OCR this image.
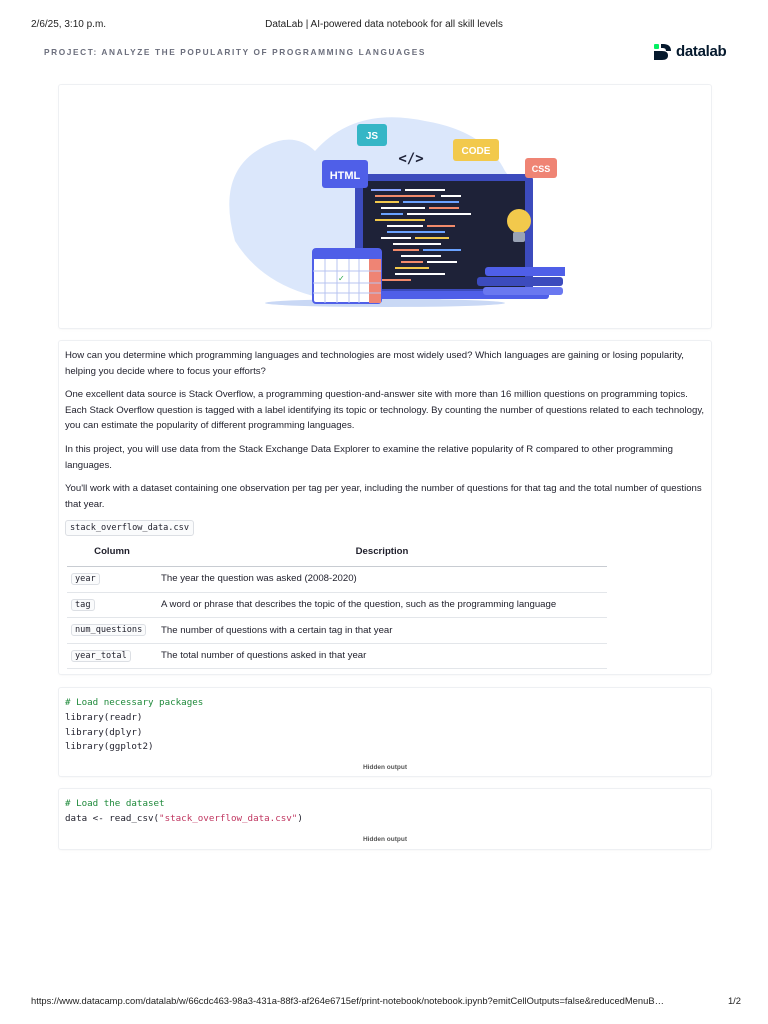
2/6/25, 3:10 p.m.	DataLab | AI-powered data notebook for all skill levels
PROJECT: ANALYZE THE POPULARITY OF PROGRAMMING LANGUAGES	datalab
✓
JS
CODE
CSS
HTML
</>

How can you determine which programming languages and technologies are most widely used? Which languages are gaining or losing popularity, helping you decide where to focus your efforts?

One excellent data source is Stack Overflow, a programming question-and-answer site with more than 16 million questions on programming topics. Each Stack Overflow question is tagged with a label identifying its topic or technology. By counting the number of questions related to each technology, you can estimate the popularity of different programming languages.

In this project, you will use data from the Stack Exchange Data Explorer to examine the relative popularity of R compared to other programming languages.

You'll work with a dataset containing one observation per tag per year, including the number of questions for that tag and the total number of questions that year.

stack_overflow_data.csv
Column	Description
year	The year the question was asked (2008-2020)
tag	A word or phrase that describes the topic of the question, such as the programming language
num_questions	The number of questions with a certain tag in that year
year_total	The total number of questions asked in that year
# Load necessary packages
library(readr)
library(dplyr)
library(ggplot2)
Hidden output
# Load the dataset
data <- read_csv("stack_overflow_data.csv")
Hidden output
https://www.datacamp.com/datalab/w/66cdc463-98a3-431a-88f3-af264e6715ef/print-notebook/notebook.ipynb?emitCellOutputs=false&reducedMenuB…	1/2
